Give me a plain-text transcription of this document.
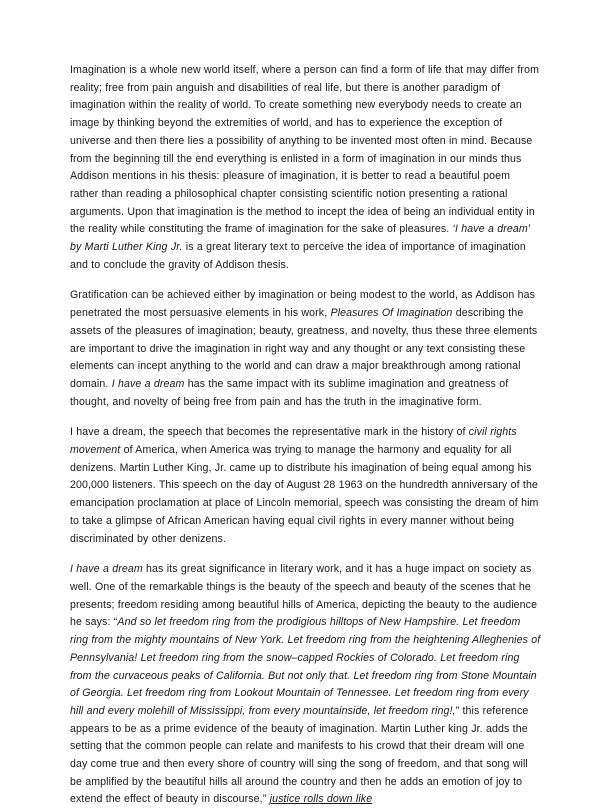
Imagination is a whole new world itself, where a person can find a form of life that may differ from reality; free from pain anguish and disabilities of real life, but there is another paradigm of imagination within the reality of world. To create something new everybody needs to create an image by thinking beyond the extremities of world, and has to experience the exception of universe and then there lies a possibility of anything to be invented most often in mind. Because from the beginning till the end everything is enlisted in a form of imagination in our minds thus Addison mentions in his thesis: pleasure of imagination, it is better to read a beautiful poem rather than reading a philosophical chapter consisting scientific notion presenting a rational arguments. Upon that imagination is the method to incept the idea of being an individual entity in the reality while constituting the frame of imagination for the sake of pleasures. ‘I have a dream’ by Marti Luther King Jr. is a great literary text to perceive the idea of importance of imagination and to conclude the gravity of Addison thesis.

Gratification can be achieved either by imagination or being modest to the world, as Addison has penetrated the most persuasive elements in his work, Pleasures Of Imagination describing the assets of the pleasures of imagination; beauty, greatness, and novelty, thus these three elements are important to drive the imagination in right way and any thought or any text consisting these elements can incept anything to the world and can draw a major breakthrough among rational domain. I have a dream has the same impact with its sublime imagination and greatness of thought, and novelty of being free from pain and has the truth in the imaginative form.

I have a dream, the speech that becomes the representative mark in the history of civil rights movement of America, when America was trying to manage the harmony and equality for all denizens. Martin Luther King, Jr. came up to distribute his imagination of being equal among his 200,000 listeners. This speech on the day of August 28 1963 on the hundredth anniversary of the emancipation proclamation at place of Lincoln memorial, speech was consisting the dream of him to take a glimpse of African American having equal civil rights in every manner without being discriminated by other denizens.

I have a dream has its great significance in literary work, and it has a huge impact on society as well. One of the remarkable things is the beauty of the speech and beauty of the scenes that he presents; freedom residing among beautiful hills of America, depicting the beauty to the audience he says: “And so let freedom ring from the prodigious hilltops of New Hampshire. Let freedom ring from the mighty mountains of New York. Let freedom ring from the heightening Alleghenies of Pennsylvania! Let freedom ring from the snow–capped Rockies of Colorado. Let freedom ring from the curvaceous peaks of California. But not only that. Let freedom ring from Stone Mountain of Georgia. Let freedom ring from Lookout Mountain of Tennessee. Let freedom ring from every hill and every molehill of Mississippi, from every mountainside, let freedom ring!,” this reference appears to be as a prime evidence of the beauty of imagination. Martin Luther king Jr. adds the setting that the common people can relate and manifests to his crowd that their dream will one day come true and then every shore of country will sing the song of freedom, and that song will be amplified by the beautiful hills all around the country and then he adds an emotion of joy to extend the effect of beauty in discourse,” justice rolls down like
